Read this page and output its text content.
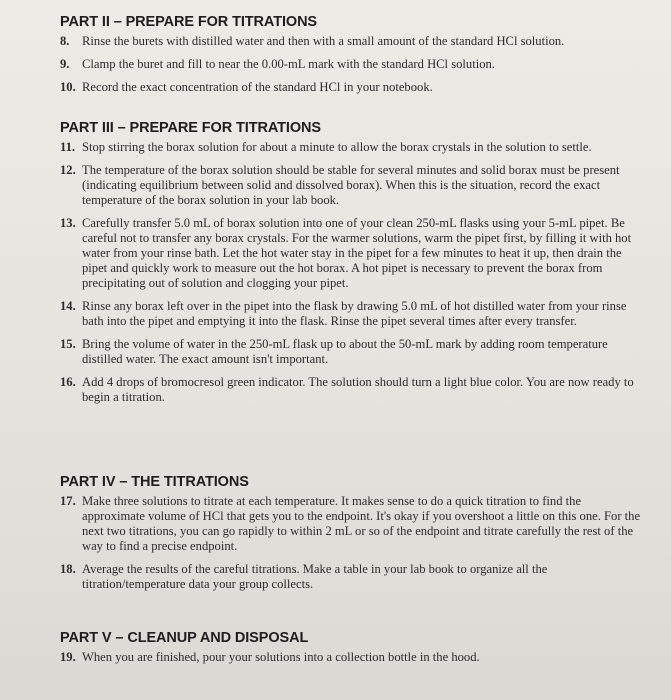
PART II – PREPARE FOR TITRATIONS
8. Rinse the burets with distilled water and then with a small amount of the standard HCl solution.
9. Clamp the buret and fill to near the 0.00-mL mark with the standard HCl solution.
10. Record the exact concentration of the standard HCl in your notebook.
PART III – PREPARE FOR TITRATIONS
11. Stop stirring the borax solution for about a minute to allow the borax crystals in the solution to settle.
12. The temperature of the borax solution should be stable for several minutes and solid borax must be present (indicating equilibrium between solid and dissolved borax). When this is the situation, record the exact temperature of the borax solution in your lab book.
13. Carefully transfer 5.0 mL of borax solution into one of your clean 250-mL flasks using your 5-mL pipet. Be careful not to transfer any borax crystals. For the warmer solutions, warm the pipet first, by filling it with hot water from your rinse bath. Let the hot water stay in the pipet for a few minutes to heat it up, then drain the pipet and quickly work to measure out the hot borax. A hot pipet is necessary to prevent the borax from precipitating out of solution and clogging your pipet.
14. Rinse any borax left over in the pipet into the flask by drawing 5.0 mL of hot distilled water from your rinse bath into the pipet and emptying it into the flask. Rinse the pipet several times after every transfer.
15. Bring the volume of water in the 250-mL flask up to about the 50-mL mark by adding room temperature distilled water. The exact amount isn't important.
16. Add 4 drops of bromocresol green indicator. The solution should turn a light blue color. You are now ready to begin a titration.
PART IV – THE TITRATIONS
17. Make three solutions to titrate at each temperature. It makes sense to do a quick titration to find the approximate volume of HCl that gets you to the endpoint. It's okay if you overshoot a little on this one. For the next two titrations, you can go rapidly to within 2 mL or so of the endpoint and titrate carefully the rest of the way to find a precise endpoint.
18. Average the results of the careful titrations. Make a table in your lab book to organize all the titration/temperature data your group collects.
PART V – CLEANUP AND DISPOSAL
19. When you are finished, pour your solutions into a collection bottle in the hood.
